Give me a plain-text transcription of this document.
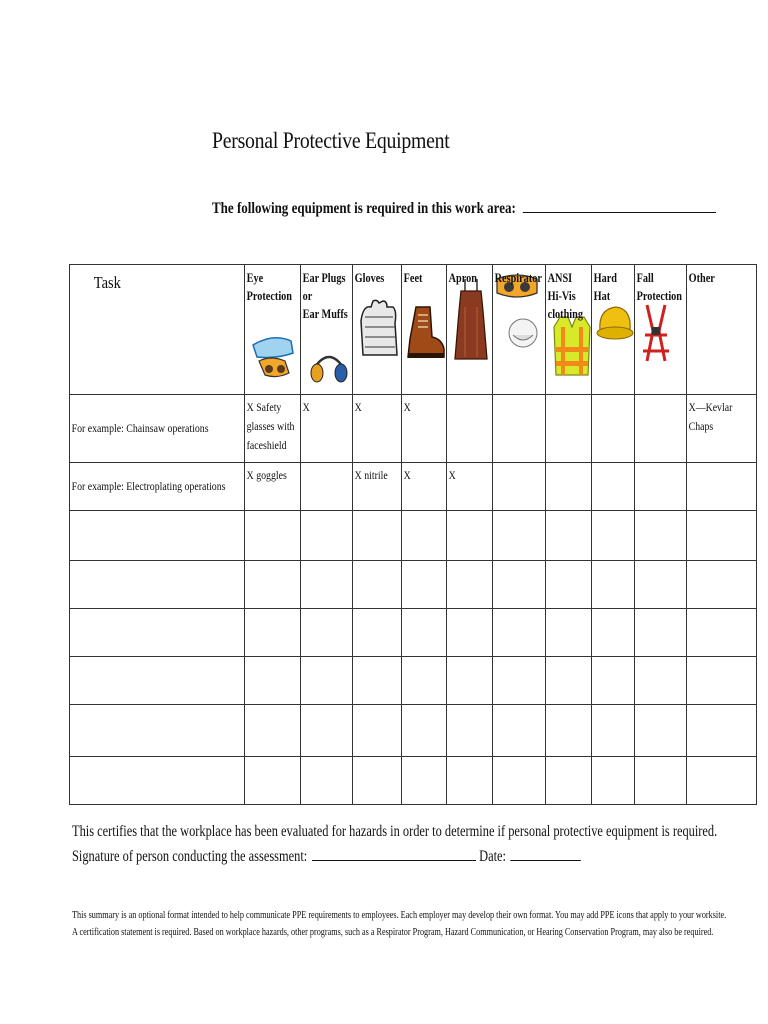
Personal Protective Equipment
The following equipment is required in this work area:
Task	Eye
Protection	Ear Plugs
or
Ear Muffs	Gloves	Feet	Apron	Respirator	ANSI
Hi-Vis
clothing	Hard
Hat	Fall
Protection	Other

For example: Chainsaw operations	X Safety
glasses with
faceshield	X	X	X						X—Kevlar
Chaps

For example: Electroplating operations	X goggles		X nitrile	X	X					

This certifies that the workplace has been evaluated for hazards in order to determine if personal protective equipment is required.
Signature of person conducting the assessment:	Date:
This summary is an optional format intended to help communicate PPE requirements to employees. Each employer may develop their own format. You may add PPE icons that apply to your worksite.
A certification statement is required. Based on workplace hazards, other programs, such as a Respirator Program, Hazard Communication, or Hearing Conservation Program, may also be required.
